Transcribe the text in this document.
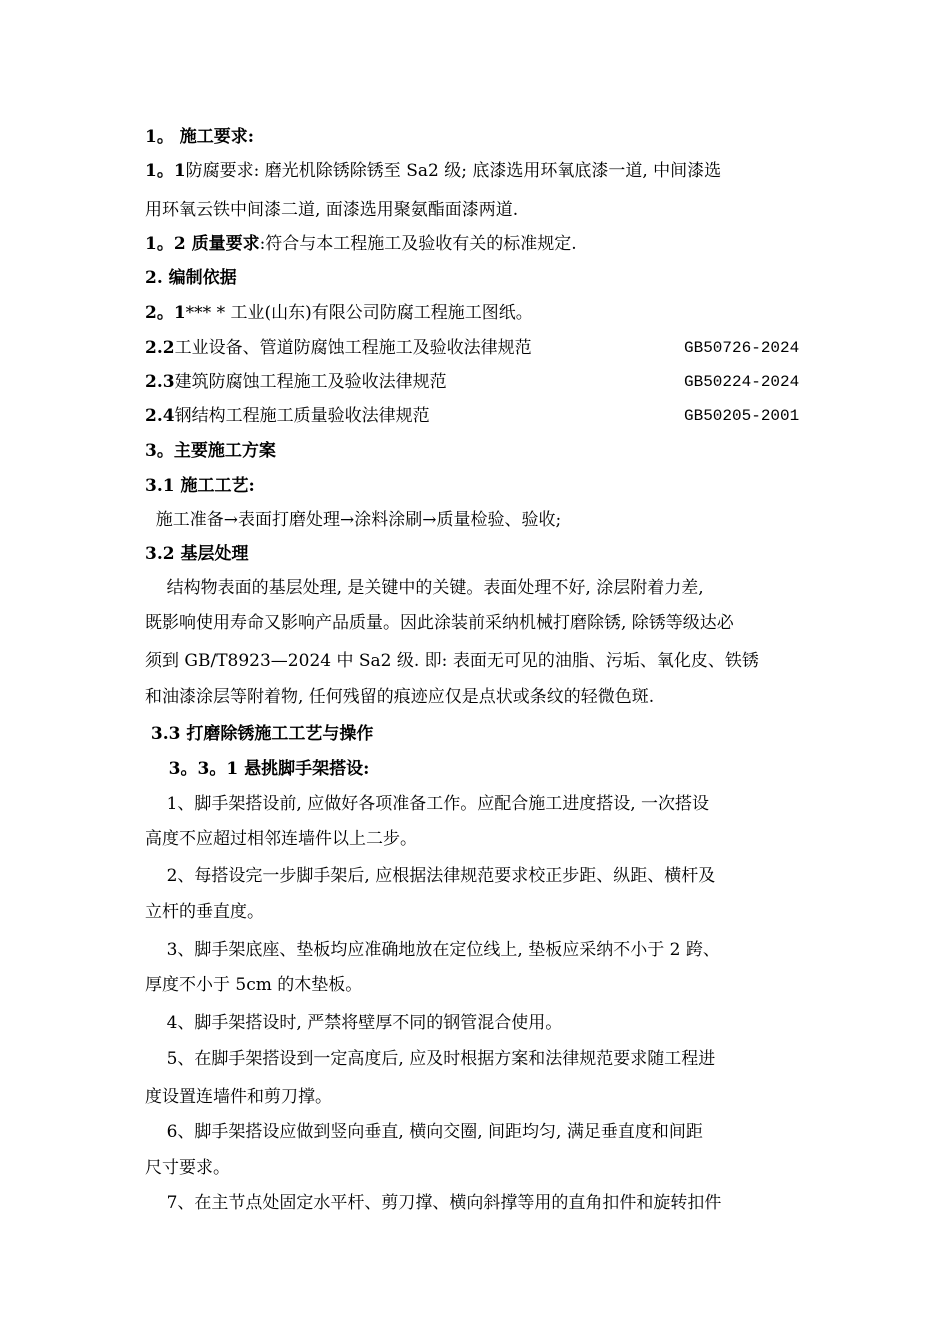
1。 施工要求:
1。1防腐要求: 磨光机除锈除锈至 Sa2 级; 底漆选用环氧底漆一道, 中间漆选
用环氧云铁中间漆二道, 面漆选用聚氨酯面漆两道.
1。2 质量要求:符合与本工程施工及验收有关的标准规定.
2. 编制依据
2。1*** * 工业(山东)有限公司防腐工程施工图纸。
2.2工业设备、管道防腐蚀工程施工及验收法律规范
2.3建筑防腐蚀工程施工及验收法律规范
2.4钢结构工程施工质量验收法律规范
3。主要施工方案
3.1 施工工艺:
施工准备→表面打磨处理→涂料涂刷→质量检验、验收;
3.2 基层处理
结构物表面的基层处理, 是关键中的关键。表面处理不好, 涂层附着力差,
既影响使用寿命又影响产品质量。因此涂装前采纳机械打磨除锈, 除锈等级达必
须到 GB/T8923—2024 中 Sa2 级. 即: 表面无可见的油脂、污垢、氧化皮、铁锈
和油漆涂层等附着物, 任何残留的痕迹应仅是点状或条纹的轻微色斑.
3.3 打磨除锈施工工艺与操作
3。3。1 悬挑脚手架搭设:
1、脚手架搭设前, 应做好各项准备工作。应配合施工进度搭设, 一次搭设
高度不应超过相邻连墙件以上二步。
2、每搭设完一步脚手架后, 应根据法律规范要求校正步距、纵距、横杆及
立杆的垂直度。
3、脚手架底座、垫板均应准确地放在定位线上, 垫板应采纳不小于 2 跨、
厚度不小于 5cm 的木垫板。
4、脚手架搭设时, 严禁将壁厚不同的钢管混合使用。
5、在脚手架搭设到一定高度后, 应及时根据方案和法律规范要求随工程进
度设置连墙件和剪刀撑。
6、脚手架搭设应做到竖向垂直, 横向交圈, 间距均匀, 满足垂直度和间距
尺寸要求。
7、在主节点处固定水平杆、剪刀撑、横向斜撑等用的直角扣件和旋转扣件
GB50726-2024
GB50224-2024
GB50205-2001
